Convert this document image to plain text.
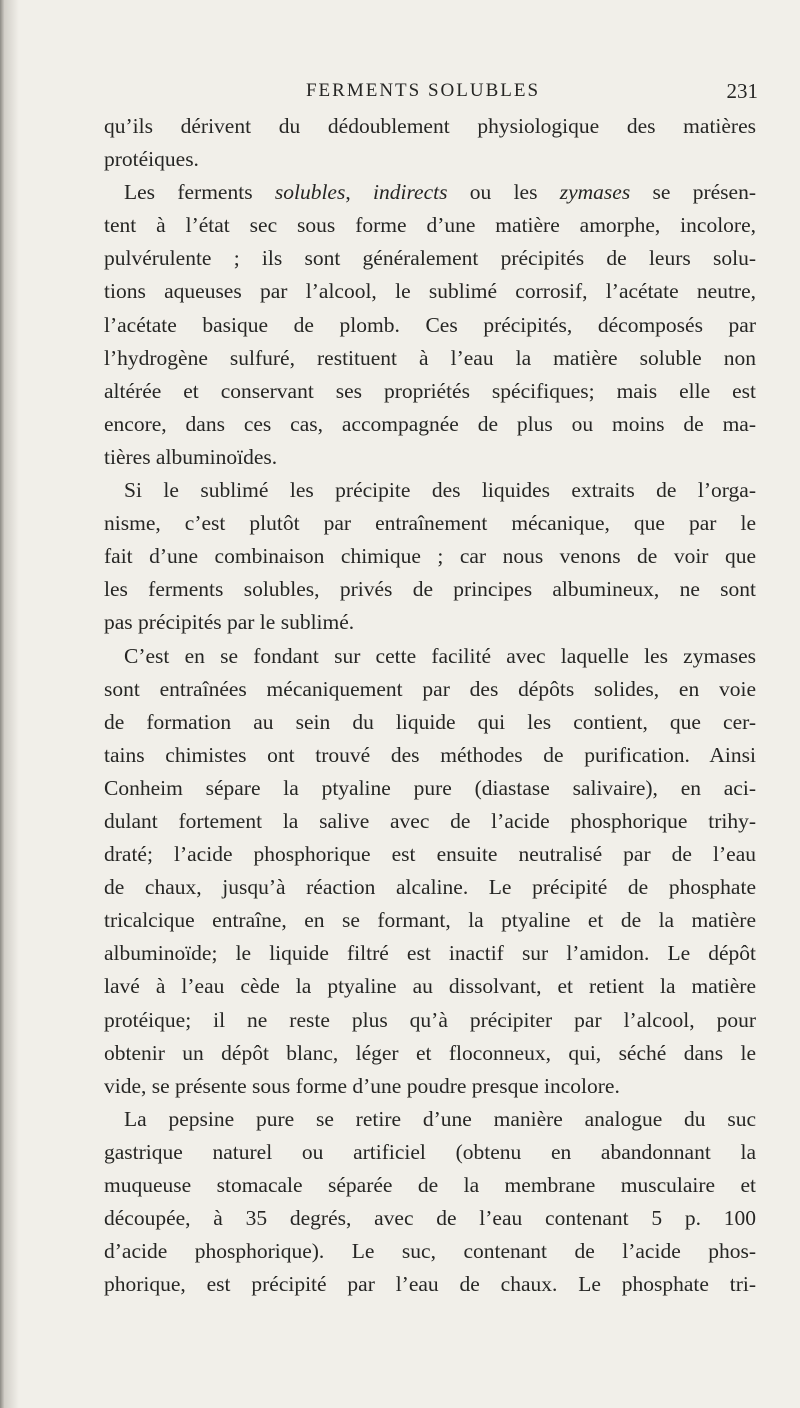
FERMENTS SOLUBLES	231
qu’ils dérivent du dédoublement physiologique des matières
protéiques.
Les ferments solubles, indirects ou les zymases se présen-
tent à l’état sec sous forme d’une matière amorphe, incolore,
pulvérulente ; ils sont généralement précipités de leurs solu-
tions aqueuses par l’alcool, le sublimé corrosif, l’acétate neutre,
l’acétate basique de plomb. Ces précipités, décomposés par
l’hydrogène sulfuré, restituent à l’eau la matière soluble non
altérée et conservant ses propriétés spécifiques; mais elle est
encore, dans ces cas, accompagnée de plus ou moins de ma-
tières albuminoïdes.
Si le sublimé les précipite des liquides extraits de l’orga-
nisme, c’est plutôt par entraînement mécanique, que par le
fait d’une combinaison chimique ; car nous venons de voir que
les ferments solubles, privés de principes albumineux, ne sont
pas précipités par le sublimé.
C’est en se fondant sur cette facilité avec laquelle les zymases
sont entraînées mécaniquement par des dépôts solides, en voie
de formation au sein du liquide qui les contient, que cer-
tains chimistes ont trouvé des méthodes de purification. Ainsi
Conheim sépare la ptyaline pure (diastase salivaire), en aci-
dulant fortement la salive avec de l’acide phosphorique trihy-
draté; l’acide phosphorique est ensuite neutralisé par de l’eau
de chaux, jusqu’à réaction alcaline. Le précipité de phosphate
tricalcique entraîne, en se formant, la ptyaline et de la matière
albuminoïde; le liquide filtré est inactif sur l’amidon. Le dépôt
lavé à l’eau cède la ptyaline au dissolvant, et retient la matière
protéique; il ne reste plus qu’à précipiter par l’alcool, pour
obtenir un dépôt blanc, léger et floconneux, qui, séché dans le
vide, se présente sous forme d’une poudre presque incolore.
La pepsine pure se retire d’une manière analogue du suc
gastrique naturel ou artificiel (obtenu en abandonnant la
muqueuse stomacale séparée de la membrane musculaire et
découpée, à 35 degrés, avec de l’eau contenant 5 p. 100
d’acide phosphorique). Le suc, contenant de l’acide phos-
phorique, est précipité par l’eau de chaux. Le phosphate tri-
